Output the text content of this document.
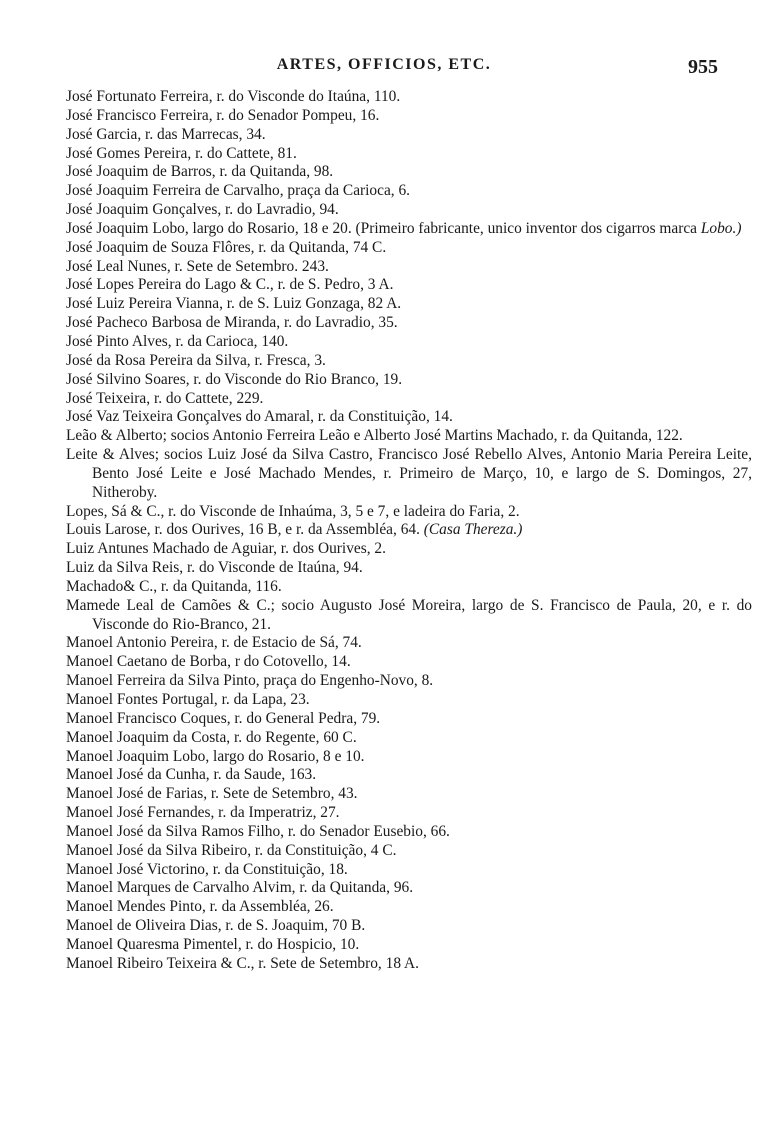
ARTES, OFFICIOS, ETC.	955
José Fortunato Ferreira, r. do Visconde do Itaúna, 110.
José Francisco Ferreira, r. do Senador Pompeu, 16.
José Garcia, r. das Marrecas, 34.
José Gomes Pereira, r. do Cattete, 81.
José Joaquim de Barros, r. da Quitanda, 98.
José Joaquim Ferreira de Carvalho, praça da Carioca, 6.
José Joaquim Gonçalves, r. do Lavradio, 94.
José Joaquim Lobo, largo do Rosario, 18 e 20. (Primeiro fabricante, unico inventor dos cigarros marca Lobo.)
José Joaquim de Souza Flôres, r. da Quitanda, 74 C.
José Leal Nunes, r. Sete de Setembro. 243.
José Lopes Pereira do Lago & C., r. de S. Pedro, 3 A.
José Luiz Pereira Vianna, r. de S. Luiz Gonzaga, 82 A.
José Pacheco Barbosa de Miranda, r. do Lavradio, 35.
José Pinto Alves, r. da Carioca, 140.
José da Rosa Pereira da Silva, r. Fresca, 3.
José Silvino Soares, r. do Visconde do Rio Branco, 19.
José Teixeira, r. do Cattete, 229.
José Vaz Teixeira Gonçalves do Amaral, r. da Constituição, 14.
Leão & Alberto; socios Antonio Ferreira Leão e Alberto José Martins Machado, r. da Quitanda, 122.
Leite & Alves; socios Luiz José da Silva Castro, Francisco José Rebello Alves, Antonio Maria Pereira Leite, Bento José Leite e José Machado Mendes, r. Primeiro de Março, 10, e largo de S. Domingos, 27, Nitheroby.
Lopes, Sá & C., r. do Visconde de Inhaúma, 3, 5 e 7, e ladeira do Faria, 2.
Louis Larose, r. dos Ourives, 16 B, e r. da Assembléa, 64. (Casa Thereza.)
Luiz Antunes Machado de Aguiar, r. dos Ourives, 2.
Luiz da Silva Reis, r. do Visconde de Itaúna, 94.
Machado& C., r. da Quitanda, 116.
Mamede Leal de Camões & C.; socio Augusto José Moreira, largo de S. Francisco de Paula, 20, e r. do Visconde do Rio-Branco, 21.
Manoel Antonio Pereira, r. de Estacio de Sá, 74.
Manoel Caetano de Borba, r do Cotovello, 14.
Manoel Ferreira da Silva Pinto, praça do Engenho-Novo, 8.
Manoel Fontes Portugal, r. da Lapa, 23.
Manoel Francisco Coques, r. do General Pedra, 79.
Manoel Joaquim da Costa, r. do Regente, 60 C.
Manoel Joaquim Lobo, largo do Rosario, 8 e 10.
Manoel José da Cunha, r. da Saude, 163.
Manoel José de Farias, r. Sete de Setembro, 43.
Manoel José Fernandes, r. da Imperatriz, 27.
Manoel José da Silva Ramos Filho, r. do Senador Eusebio, 66.
Manoel José da Silva Ribeiro, r. da Constituição, 4 C.
Manoel José Victorino, r. da Constituição, 18.
Manoel Marques de Carvalho Alvim, r. da Quitanda, 96.
Manoel Mendes Pinto, r. da Assembléa, 26.
Manoel de Oliveira Dias, r. de S. Joaquim, 70 B.
Manoel Quaresma Pimentel, r. do Hospicio, 10.
Manoel Ribeiro Teixeira & C., r. Sete de Setembro, 18 A.
